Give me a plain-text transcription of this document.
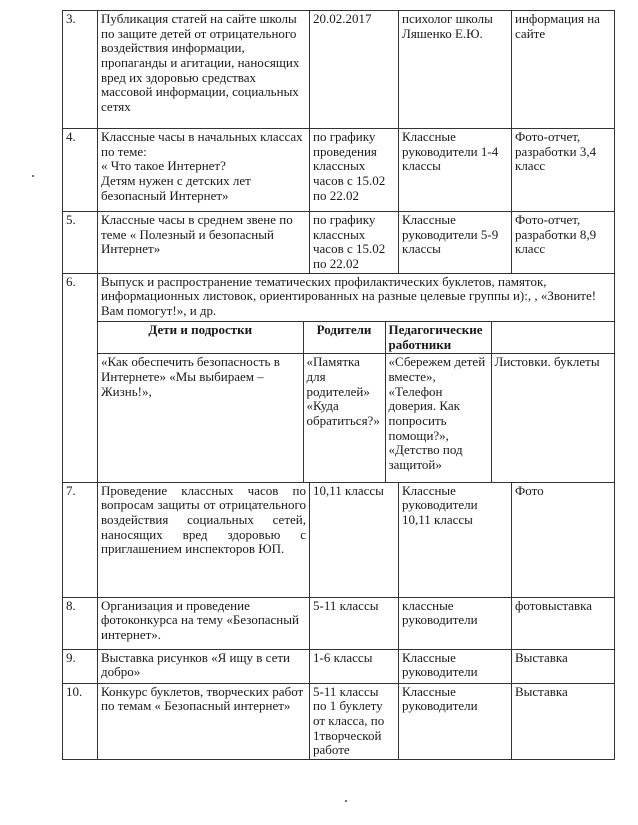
3.	Публикация статей на сайте школы по защите детей от отрицательного воздействия информации, пропаганды и агитации, наносящих вред их здоровью средствах массовой информации, социальных сетях	20.02.2017	психолог школы Ляшенко Е.Ю.	информация на сайте
4.	Классные часы в начальных классах по теме:
« Что такое Интернет?
Детям нужен с детских лет безопасный Интернет»	по графику проведения классных часов с 15.02 по 22.02	Классные руководители 1-4 классы	Фото-отчет, разработки 3,4 класс
5.	Классные часы в среднем звене по теме « Полезный и безопасный Интернет»	по графику классных часов с 15.02 по 22.02	Классные руководители 5-9 классы	Фото-отчет, разработки 8,9 класс
6.	Выпуск и распространение тематических профилактических буклетов, памяток, информационных листовок, ориентированных на разные целевые группы и):, , «Звоните! Вам помогут!», и др.
Дети и подростки	Родители	Педагогические работники	
«Как обеспечить безопасность в Интернете» «Мы выбираем – Жизнь!»,	«Памятка для родителей» «Куда обратиться?»	«Сбережем детей вместе», «Телефон доверия. Как попросить помощи?», «Детство под защитой»	Листовки. буклеты

7.	Проведение классных часов по вопросам защиты от отрицательного воздействия социальных сетей, наносящих вред здоровью с приглашением инспекторов ЮП.	10,11 классы	Классные руководители 10,11 классы	Фото
8.	Организация и проведение фотоконкурса на тему «Безопасный интернет».	5-11 классы	классные руководители	фотовыставка
9.	Выставка рисунков «Я ищу в сети добро»	1-6 классы	Классные руководители	Выставка
10.	Конкурс буклетов, творческих работ по темам « Безопасный интернет»	5-11 классы по 1 буклету от класса, по 1творческой работе	Классные руководители	Выставка
